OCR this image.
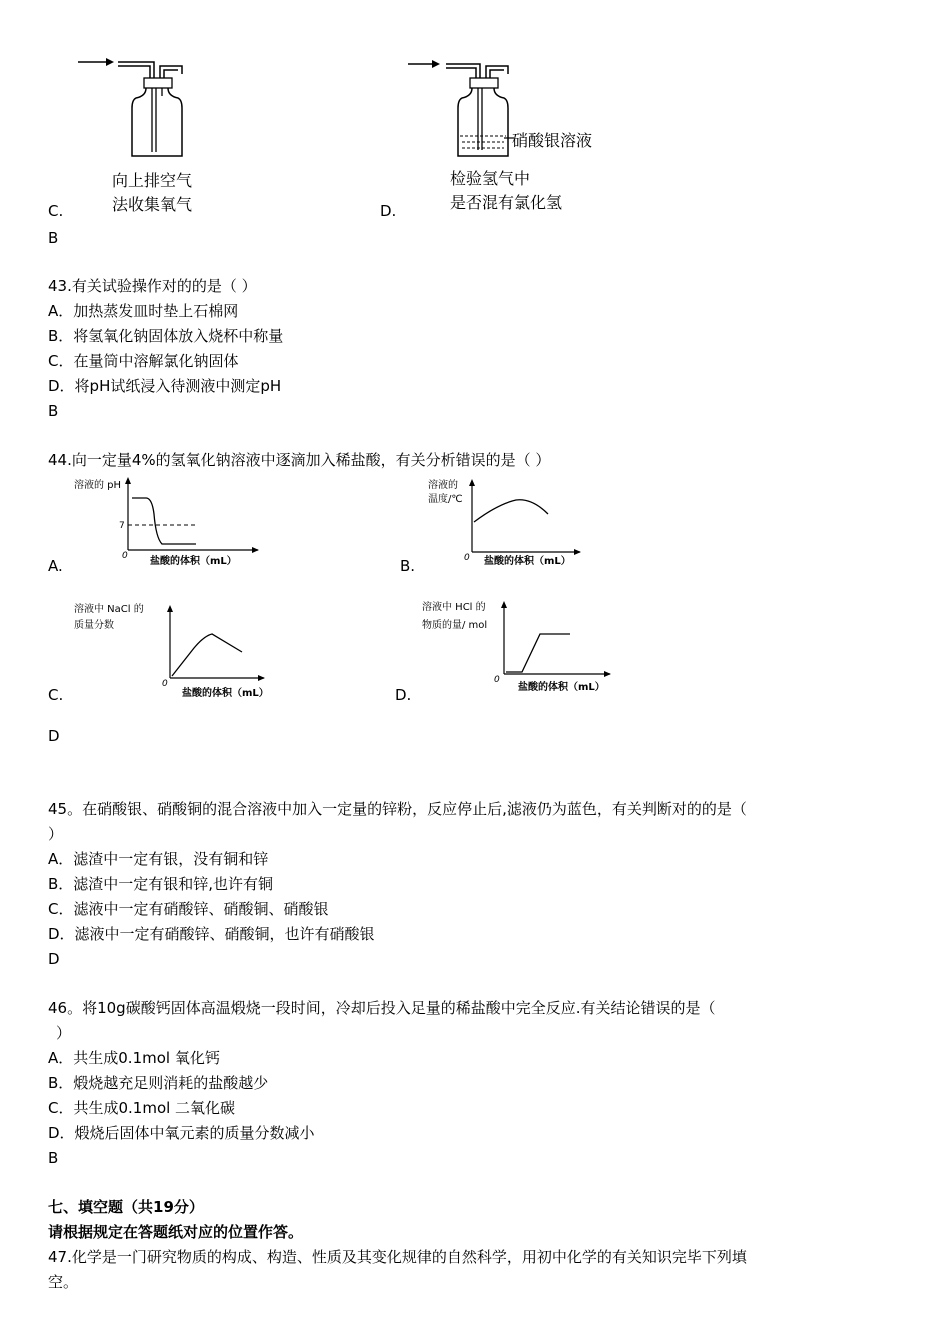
向上排空气
法收集氧气
C.
硝酸银溶液
检验氢气中
是否混有氯化氢
D.
B
43.有关试验操作对的的是（ ）
A．加热蒸发皿时垫上石棉网
B．将氢氧化钠固体放入烧杯中称量
C．在量筒中溶解氯化钠固体
D．将pH试纸浸入待测液中测定pH
B
44.向一定量4%的氢氧化钠溶液中逐滴加入稀盐酸，有关分析错误的是（ ）
溶液的 pH
7
0 盐酸的体积（mL）
A.
溶液的
温度/℃
0 盐酸的体积（mL）
B.
溶液中 NaCl 的
质量分数
0
盐酸的体积（mL）
C.
溶液中 HCl 的
物质的量/ mol
0
盐酸的体积（mL）
D.
D
45。在硝酸银、硝酸铜的混合溶液中加入一定量的锌粉，反应停止后,滤液仍为蓝色，有关判断对的的是（
）
A．滤渣中一定有银，没有铜和锌
B．滤渣中一定有银和锌,也许有铜
C．滤液中一定有硝酸锌、硝酸铜、硝酸银
D．滤液中一定有硝酸锌、硝酸铜，也许有硝酸银
D
46。将10g碳酸钙固体高温煅烧一段时间，冷却后投入足量的稀盐酸中完全反应.有关结论错误的是（
）
A．共生成0.1mol 氧化钙
B．煅烧越充足则消耗的盐酸越少
C．共生成0.1mol 二氧化碳
D．煅烧后固体中氧元素的质量分数减小
B
七、填空题（共19分）
请根据规定在答题纸对应的位置作答。
47.化学是一门研究物质的构成、构造、性质及其变化规律的自然科学，用初中化学的有关知识完毕下列填
空。
